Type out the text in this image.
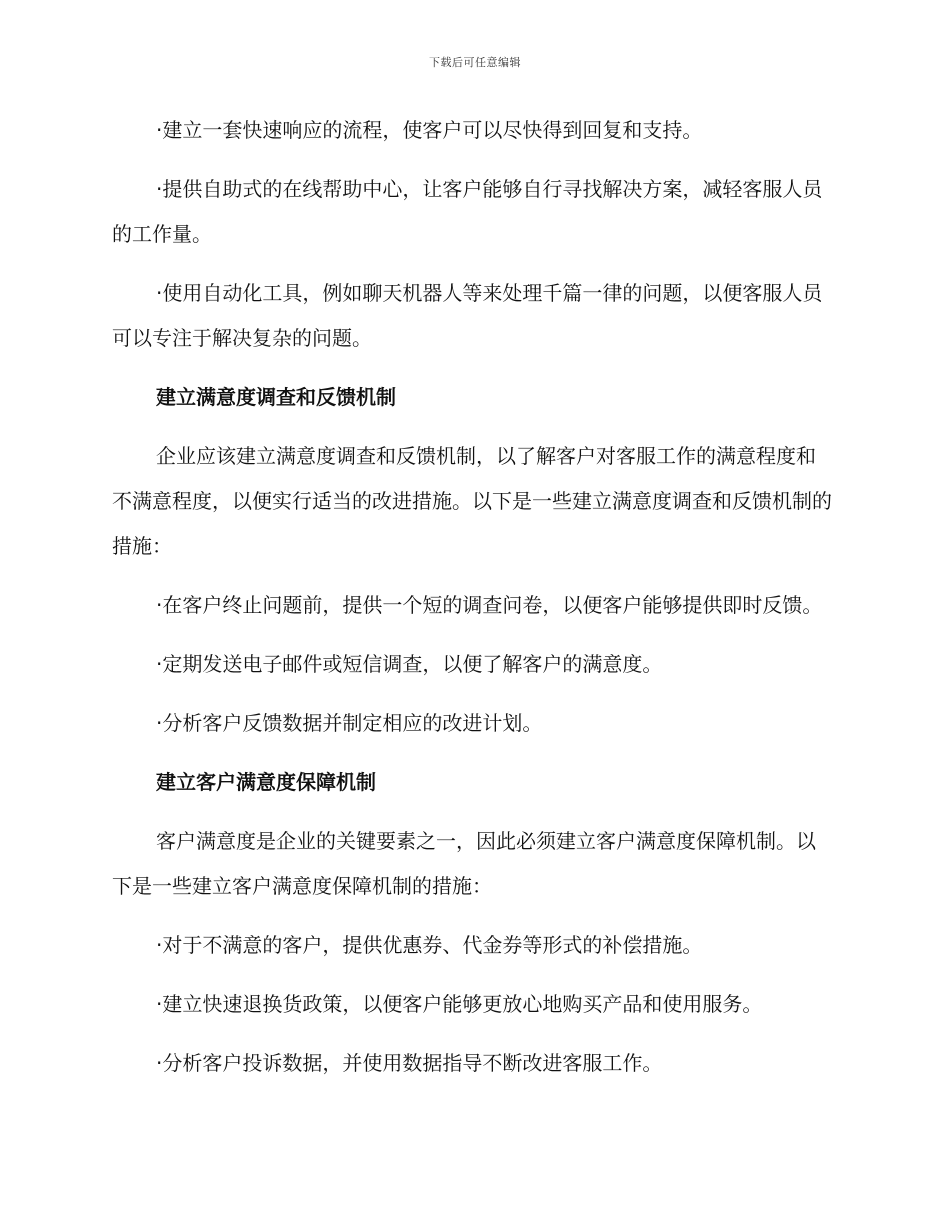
下载后可任意编辑

·建立一套快速响应的流程，使客户可以尽快得到回复和支持。

·提供自助式的在线帮助中心，让客户能够自行寻找解决方案，减轻客服人员的工作量。

·使用自动化工具，例如聊天机器人等来处理千篇一律的问题，以便客服人员可以专注于解决复杂的问题。

建立满意度调查和反馈机制

企业应该建立满意度调查和反馈机制，以了解客户对客服工作的满意程度和不满意程度，以便实行适当的改进措施。以下是一些建立满意度调查和反馈机制的措施：

·在客户终止问题前，提供一个短的调查问卷，以便客户能够提供即时反馈。

·定期发送电子邮件或短信调查，以便了解客户的满意度。

·分析客户反馈数据并制定相应的改进计划。

建立客户满意度保障机制

客户满意度是企业的关键要素之一，因此必须建立客户满意度保障机制。以下是一些建立客户满意度保障机制的措施：

·对于不满意的客户，提供优惠券、代金券等形式的补偿措施。

·建立快速退换货政策，以便客户能够更放心地购买产品和使用服务。

·分析客户投诉数据，并使用数据指导不断改进客服工作。
